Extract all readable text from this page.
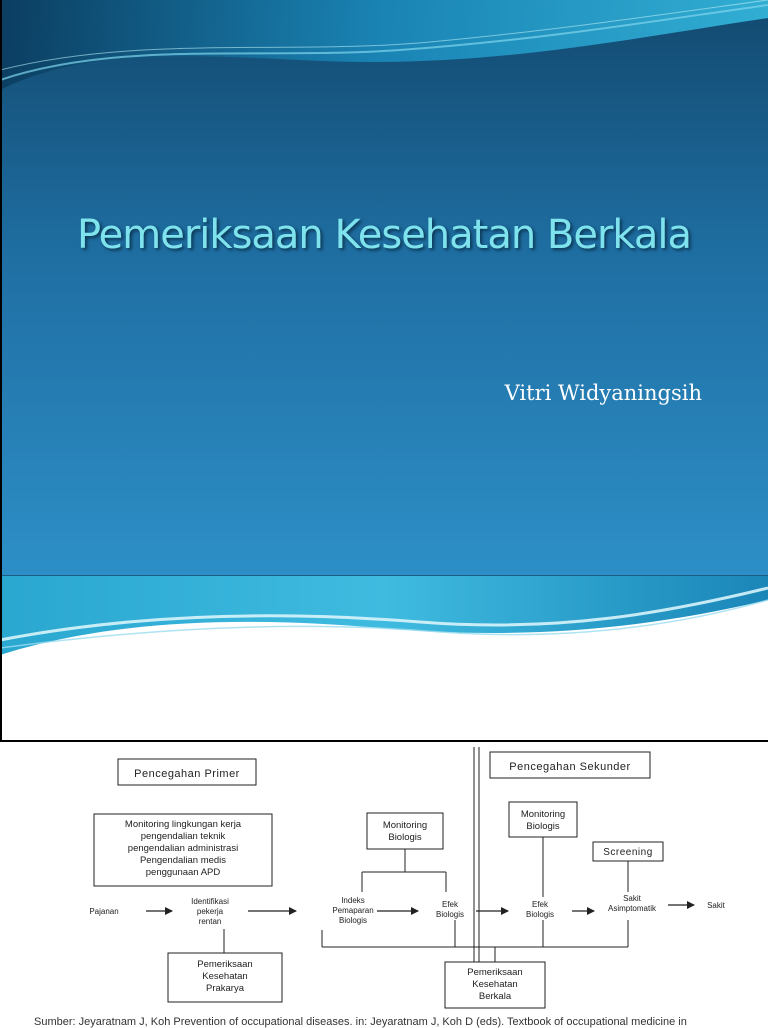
Pemeriksaan Kesehatan Berkala
Vitri Widyaningsih
Pencegahan Primer
Pencegahan Sekunder
Monitoring lingkungan kerja
pengendalian teknik
pengendalian administrasi
Pengendalian medis
penggunaan APD
Pajanan
Identifikasi
pekerja
rentan
Pemeriksaan
Kesehatan
Prakarya
Monitoring
Biologis
Indeks
Pemaparan
Biologis
Efek
Biologis
Monitoring
Biologis
Efek
Biologis
Screening
Sakit
Asimptomatik	Sakit
Pemeriksaan
Kesehatan
Berkala
Sumber: Jeyaratnam J, Koh Prevention of occupational diseases. in: Jeyaratnam J, Koh D (eds). Textbook of occupational medicine in
